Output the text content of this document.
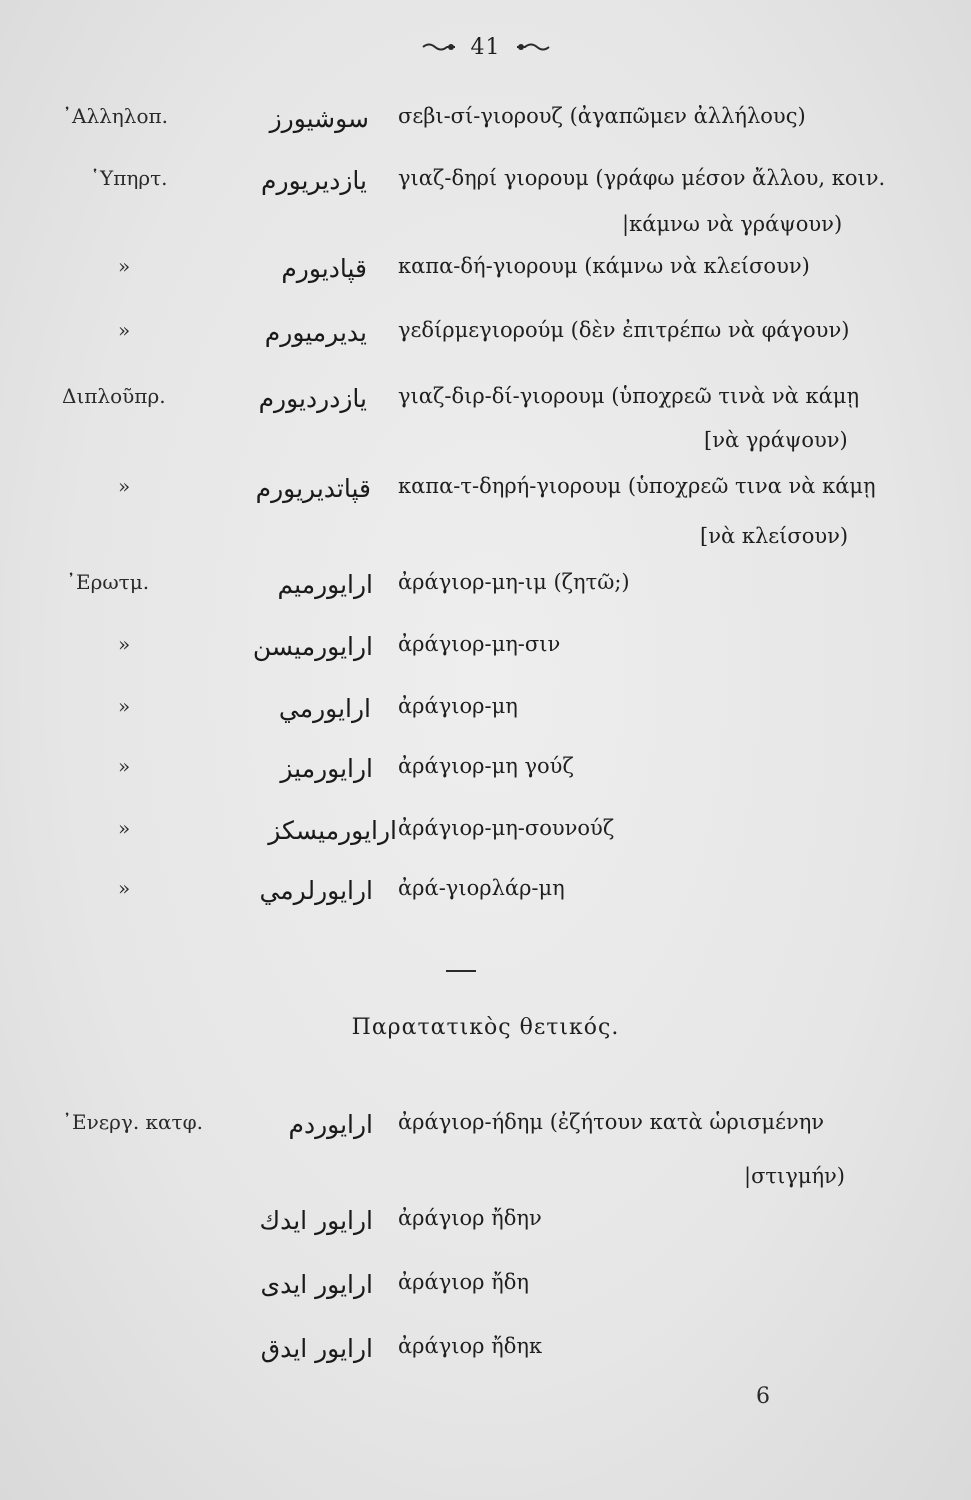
41
᾽Αλληλοπ.	سوشيورز σεβι-σί-γιορουζ (ἀγαπῶμεν ἀλλήλους)
῾Υπηρτ.	يازديريورم γιαζ-δηρί γιορουμ (γράφω μέσον ἄλλου, κοιν.
|κάμνω νὰ γράψουν)
»	قپاديورم καπα-δή-γιορουμ (κάμνω νὰ κλείσουν)
»	يديرميورم γεδίρμεγιορούμ (δὲν ἐπιτρέπω νὰ φάγουν)
Διπλοῦπρ.	يازدرديورم γιαζ-διρ-δί-γιορουμ (ὑποχρεῶ τινὰ νὰ κάμῃ
[νὰ γράψουν)
»	قپاتديريورم καπα-τ-δηρή-γιορουμ (ὑποχρεῶ τινα νὰ κάμῃ
[νὰ κλείσουν)
᾽Ερωτμ.	ارايورميم ἀράγιορ-μη-ιμ (ζητῶ;)
»	ارايورميسن ἀράγιορ-μη-σιν
»	ارايورمي ἀράγιορ-μη
»	ارايورميز ἀράγιορ-μη γούζ
»	ارايورميسكز ἀράγιορ-μη-σουνούζ
»	ارايورلرمي ἀρά-γιορλάρ-μη
Παρατατικὸς θετικός.
᾽Ενεργ. κατφ.	ارايوردم ἀράγιορ-ήδημ (ἐζήτουν κατὰ ὡρισμένην
|στιγμήν)
ارايور ايدك ἀράγιορ ἤδην
ارايور ايدى ἀράγιορ ἤδη
ارايور ايدق ἀράγιορ ἤδηκ
6
